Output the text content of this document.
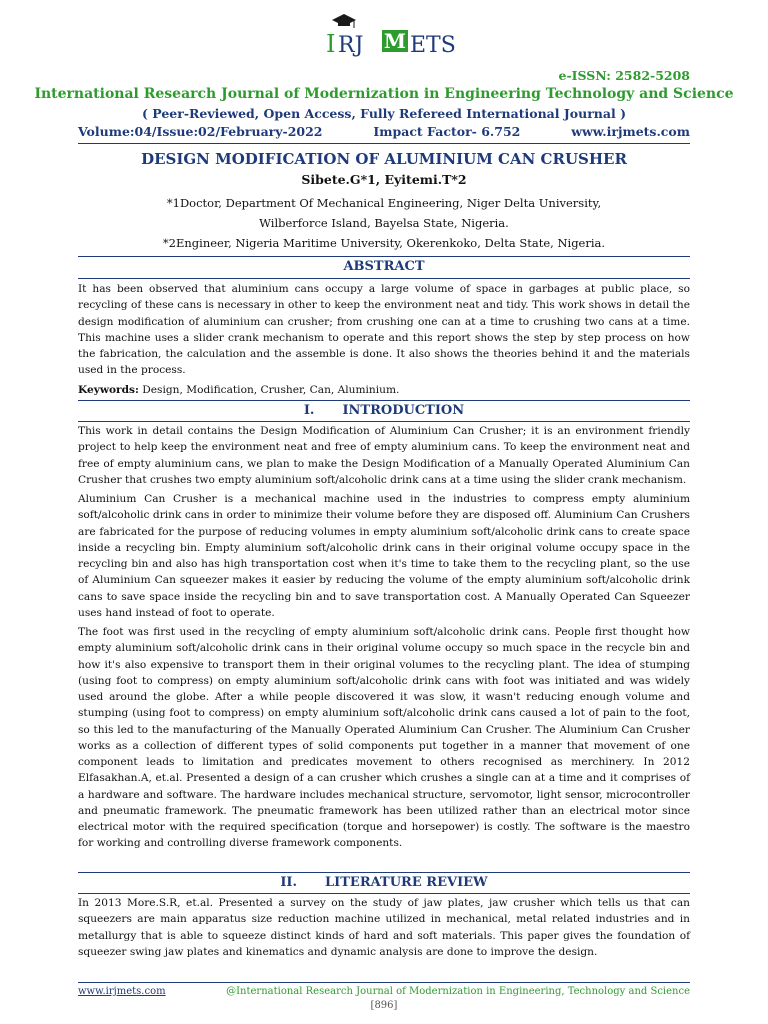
M
I RJ ETS
e-ISSN: 2582-5208
International Research Journal of Modernization in Engineering Technology and Science
( Peer-Reviewed, Open Access, Fully Refereed International Journal )
Volume:04/Issue:02/February-2022	Impact Factor- 6.752	www.irjmets.com
DESIGN MODIFICATION OF ALUMINIUM CAN CRUSHER
Sibete.G*1, Eyitemi.T*2
*1Doctor, Department Of Mechanical Engineering, Niger Delta University,
Wilberforce Island, Bayelsa State, Nigeria.
*2Engineer, Nigeria Maritime University, Okerenkoko, Delta State, Nigeria.
ABSTRACT

It has been observed that aluminium cans occupy a large volume of space in garbages at public place, so recycling of these cans is necessary in other to keep the environment neat and tidy. This work shows in detail the design modification of aluminium can crusher; from crushing one can at a time to crushing two cans at a time. This machine uses a slider crank mechanism to operate and this report shows the step by step process on how the fabrication, the calculation and the assemble is done. It also shows the theories behind it and the materials used in the process.

Keywords: Design, Modification, Crusher, Can, Aluminium.

I. INTRODUCTION

This work in detail contains the Design Modification of Aluminium Can Crusher; it is an environment friendly project to help keep the environment neat and free of empty aluminium cans. To keep the environment neat and free of empty aluminium cans, we plan to make the Design Modification of a Manually Operated Aluminium Can Crusher that crushes two empty aluminium soft/alcoholic drink cans at a time using the slider crank mechanism.

Aluminium Can Crusher is a mechanical machine used in the industries to compress empty aluminium soft/alcoholic drink cans in order to minimize their volume before they are disposed off. Aluminium Can Crushers are fabricated for the purpose of reducing volumes in empty aluminium soft/alcoholic drink cans to create space inside a recycling bin. Empty aluminium soft/alcoholic drink cans in their original volume occupy space in the recycling bin and also has high transportation cost when it's time to take them to the recycling plant, so the use of Aluminium Can squeezer makes it easier by reducing the volume of the empty aluminium soft/alcoholic drink cans to save space inside the recycling bin and to save transportation cost. A Manually Operated Can Squeezer uses hand instead of foot to operate.

The foot was first used in the recycling of empty aluminium soft/alcoholic drink cans. People first thought how empty aluminium soft/alcoholic drink cans in their original volume occupy so much space in the recycle bin and how it's also expensive to transport them in their original volumes to the recycling plant. The idea of stumping (using foot to compress) on empty aluminium soft/alcoholic drink cans with foot was initiated and was widely used around the globe. After a while people discovered it was slow, it wasn't reducing enough volume and stumping (using foot to compress) on empty aluminium soft/alcoholic drink cans caused a lot of pain to the foot, so this led to the manufacturing of the Manually Operated Aluminium Can Crusher. The Aluminium Can Crusher works as a collection of different types of solid components put together in a manner that movement of one component leads to limitation and predicates movement to others recognised as merchinery. In 2012 Elfasakhan.A, et.al. Presented a design of a can crusher which crushes a single can at a time and it comprises of a hardware and software. The hardware includes mechanical structure, servomotor, light sensor, microcontroller and pneumatic framework. The pneumatic framework has been utilized rather than an electrical motor since electrical motor with the required specification (torque and horsepower) is costly. The software is the maestro for working and controlling diverse framework components.

II. LITERATURE REVIEW

In 2013 More.S.R, et.al. Presented a survey on the study of jaw plates, jaw crusher which tells us that can squeezers are main apparatus size reduction machine utilized in mechanical, metal related industries and in metallurgy that is able to squeeze distinct kinds of hard and soft materials. This paper gives the foundation of squeezer swing jaw plates and kinematics and dynamic analysis are done to improve the design.

www.irjmets.com	@International Research Journal of Modernization in Engineering, Technology and Science
[896]
